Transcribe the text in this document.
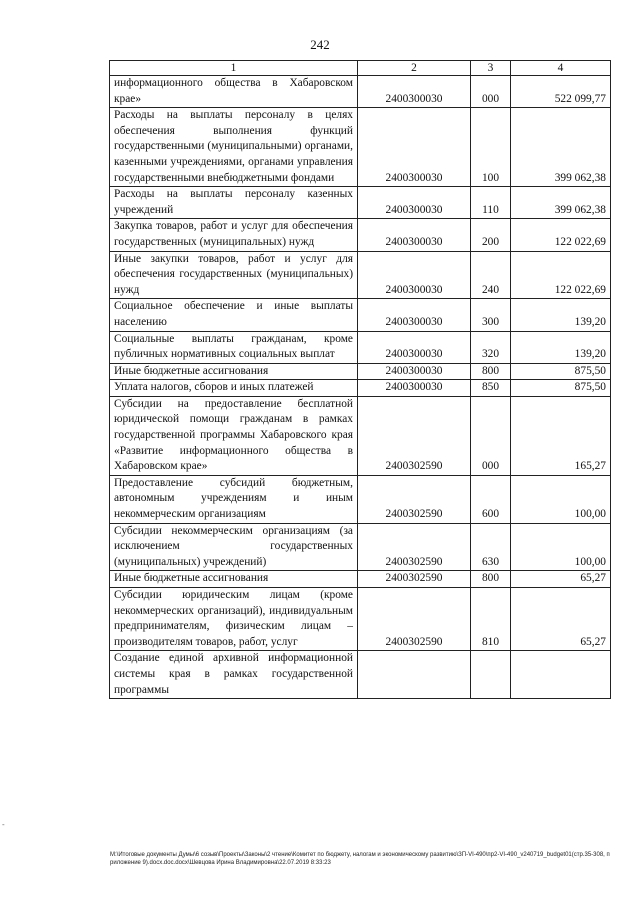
242
1	2	3	4
информационного общества в Хабаровском крае»	2400300030	000	522 099,77
Расходы на выплаты персоналу в целях обеспечения выполнения функций государственными (муниципальными) органами, казенными учреждениями, органами управления государственными внебюджетными фондами	2400300030	100	399 062,38
Расходы на выплаты персоналу казенных учреждений	2400300030	110	399 062,38
Закупка товаров, работ и услуг для обеспечения государственных (муниципальных) нужд	2400300030	200	122 022,69
Иные закупки товаров, работ и услуг для обеспечения государственных (муниципальных) нужд	2400300030	240	122 022,69
Социальное обеспечение и иные выплаты населению	2400300030	300	139,20
Социальные выплаты гражданам, кроме публичных нормативных социальных выплат	2400300030	320	139,20
Иные бюджетные ассигнования	2400300030	800	875,50
Уплата налогов, сборов и иных платежей	2400300030	850	875,50
Субсидии на предоставление бесплатной юридической помощи гражданам в рамках государственной программы Хабаровского края «Развитие информационного общества в Хабаровском крае»	2400302590	000	165,27
Предоставление субсидий бюджетным, автономным учреждениям и иным некоммерческим организациям	2400302590	600	100,00
Субсидии некоммерческим организациям (за исключением государственных (муниципальных) учреждений)	2400302590	630	100,00
Иные бюджетные ассигнования	2400302590	800	65,27
Субсидии юридическим лицам (кроме некоммерческих организаций), индивидуальным предпринимателям, физическим лицам – производителям товаров, работ, услуг	2400302590	810	65,27
Создание единой архивной информационной системы края в рамках государственной программы			
М:\Итоговые документы Думы\6 созыв\Проекты\Законы\2 чтение\Комитет по бюджету, налогам и экономическому развитию\ЗП-VI-490\пр2-VI-490_v240719_budget01(стр.35-308, приложение 9).docx.doc.docx\Шевцова Ирина Владимировна\22.07.2019 8:33:23
-
